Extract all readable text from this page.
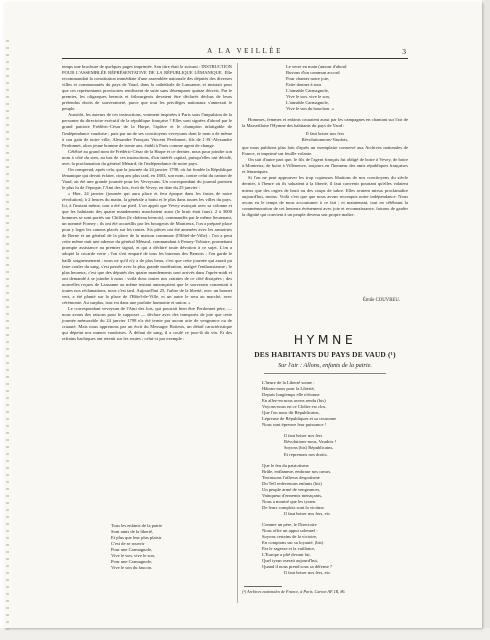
A LA VEILLÉE	3

temps une brochure de quelques pages imprimée. Son titre était le suivant : INSTRUCTION POUR L'ASSEMBLÉE RÉPRÉSENTATIVE DE LA RÉPUBLIQUE LÉMANIQUE. Elle recommandait la constitution immédiate d'une assemblée nationale des députés des diverses villes et communautés du pays de Vaud, dans la cathédrale de Lausanne, et insistait pour que ces représentants provisoires rendissent de suite sans désemparer quinze décrets. Par le premier, les oligarques bernois et fribourgeois devaient être déclarés déchus de leurs prétendus droits de souveraineté, parce que tout les privilèges nationaux s'annexait le peuple.

Aussitôt, les auteurs de ces instructions, vraiment inspirées à Paris sous l'impulsion de la personne du directoire exécutif de la république française ? Elles sont signées d'abord par le grand patriote Frédéric-César de la Harpe, l'apôtre et le champion infatigable de l'indépendance vaudoise ; puis par un de ses concitoyens veveysans dont le nom a de même à son gain de notre ville, Alexandre François Vincent Perdonnet, fils de J.-B.-Alexandre Perdonnet, alors jeune homme de trente ans, établi à Paris comme agent de change.

Célébré au grand nom de Frédéric-César de la Harpe et ce dernier, nous pour joindre son nom à côté du sien, au bas de ces instructions, d'un intérêt capital, puisqu'elles ont décidé, avec la proclamation du général Ménard, de l'indépendance de notre pays.

On comprend, après cela, que la journée du 24 janvier 1798, où fut fondée la République lémanique qui devait éclater, cinq ans plus tard, en 1803, son nom, contre celui du canton de Vaud, ait été une grande journée pour les Veveysans. Un correspondant du journal parisien le plus lu de l'époque, l'Ami des lois, écrit de Vevey, en date du 25 janvier :

« Hier, 24 janvier (journée qui aura place et fera époque dans les fastes de notre révolution), à 2 heures du matin, la générale a battu et le plus dans toutes les villes du pays. Ici, à l'instant même, tout a été sur pied. L'on apprit que Vevey avançait avec sa colonne et que les habitants des quatre mandements marchaient aussi (le bruit était faux). 2 à 3000 hommes se sont portés sur Chillon (le château bernois), commandés par le même lieutenant, un nommé Forney ; ils ont été accueillis par les bourgeois de Montreux, l'on a préparé place pour y loger les canons placés sur les routes. Six pièces ont été amenées avec les armoiries de Berne et un général de la place de la maison commune (l'Hôtel-de-Ville) ; l'on a peut cette même nuit une adresse du général Ménard, commandant à Ferney-Voltaire, promettant prompte assistance au premier signal, et qui a déchiré toute dévotion à ce sujet. L'on a adopté la cocarde verte ; l'on s'est emparé de tous les bureaux des Bernois ; l'on garde le bailli soigneusement ; nous ne qu'il n'y a de plus beau, c'est que cette journée qui aurait pu faire couler du sang, s'est passée avec la plus grande modération, malgré l'enthousiasme ; le plus heureux, c'est que des députés des quatre mandements sont arrivés dans l'après-midi et ont demandé à se joindre à nous : voilà donc toutes nos craintes de ce côté dissipées ; des nouvelles reçues de Lausanne au même instant annonçaient que le souverain consentait à toutes nos réclamations, nous c'est tard. Aujourd'hui 25, l'arbre de la liberté, avec un bonnet vert, a été planté sur la place de l'Hôtel-de-Ville, et un autre le sera au marché, avec cérémonie. Au surplus, tout est dans une parfaite harmonie et union. »

Le correspondant veveysan de l'Ami des lois, qui pourrait bien être Perdonnet père, — nous avons des raisons pour le supposer — déclare avec des transports de joie que cette journée mémorable du 24 janvier 1798 n'a été ternie par aucun acte de vengeance ou de cruauté. Mais nous apprenons par un écrit du Messager Boiteux, un détail caractéristique qui dépeint nos mœurs vaudoises. À défaut de sang, il a coulé ce jour-là du vin. Et des refrains bachiques ont retenti sur les routes ; celui-ci par exemple :

Tous les enfants de la patrie
Sont amis de la liberté,
Et plus que leur plus plaisir
C'est de se rouvrir
Pour une Carmagnole,
Vive le son, vive le son,
Pour une Carmagnole,
Vive le son du faucon.
Le verre en main (amour d'abord
Buvons d'un commun accord
Pour chanter notre joie,
Faire donner à tous
L'aimable Carmagnole,
Vive le son, vive le son,
L'aimable Carmagnole,
Vive le son du bouchon. »

Hommes, femmes et enfants couraient aussi par les campagnes en chantant sur l'air de la Marseillaise l'Hymne des habitants du pays de Vaud :

Il faut briser nos fers

Révolutionnons-Vaudois,

que nous publions plus loin d'après un exemplaire conservé aux Archives nationales de France, et imprimé sur feuille volante.

On sait d'autre part que, le fils de l'agent français fut obligé de boire à Vevey, de boire à Montreux, de boire à Villeneuve, toujours en l'honneur des amis républiques françaises et lémaniques.

Si l'on ne peut approuver les trop copieuses libations de nos concitoyens du siècle dernier, à l'heure où ils saluaient à la liberté, il faut convenir pourtant qu'elles valaient mieux que des orgies de bruit ou des coups de sabre. Elles avaient mieux proclamaître aujourd'hui, moins. Voilà c'est que que nous avons reconquis notre indépendance. Nous avons eu le temps de nous accoutumer à ce fait ; et maintenant, tout en célébrant la commémoration de cet heureux événement avec joie et reconnaissance, faisons de garder la dignité qui convient à un peuple devenu son propre maître.

Émile COUVREU.
HYMNE
DES HABITANTS DU PAYS DE VAUD (¹)
Sur l'air : Allons, enfants de la patrie.
L'heure de la Liberté sonne :
Hâtons-nous pour la Liberté,
Depuis longtemps elle n'étonne
En allez-en nous avons rendu (bis)
Voyons-nous en ce Cloître est clos,
Que l'on nous dit Républicains,
Lépreuse de Républiques et sa couronne
Nous sont épreuve leur puissance !
Il faut briser nos fers
Révolutions-nous, Vaudois !
Soyons (bis) Républicains,
Et reprenons nos droits.
Que le feu du patriotisme
Brûle, enflamme, embrase nos cœurs.
Terrassons l'affreux despotisme
Du Tell redevenons enfants (bis)
Un peuple armé de vengeances,
Vainqueur d'ennemis menaçants,
Nous a montré que les tyrans
De leurs complots sont la victime.
Il faut briser nos fers, etc.
Comme un père, le Directoire
Nous offre un appui solennel :
Soyons certains de la victoire,
En comptons sur sa loyauté, (bis)
Par le sagesse et la vaillance,
L'Europe a plié devant lui,
Quel tyran oserait aujourd'hui,
Quand il nous prend sous sa défense ?
Il faut briser nos fers, etc.
(¹) Archives nationales de France, à Paris. Carton AF. III, 86.
